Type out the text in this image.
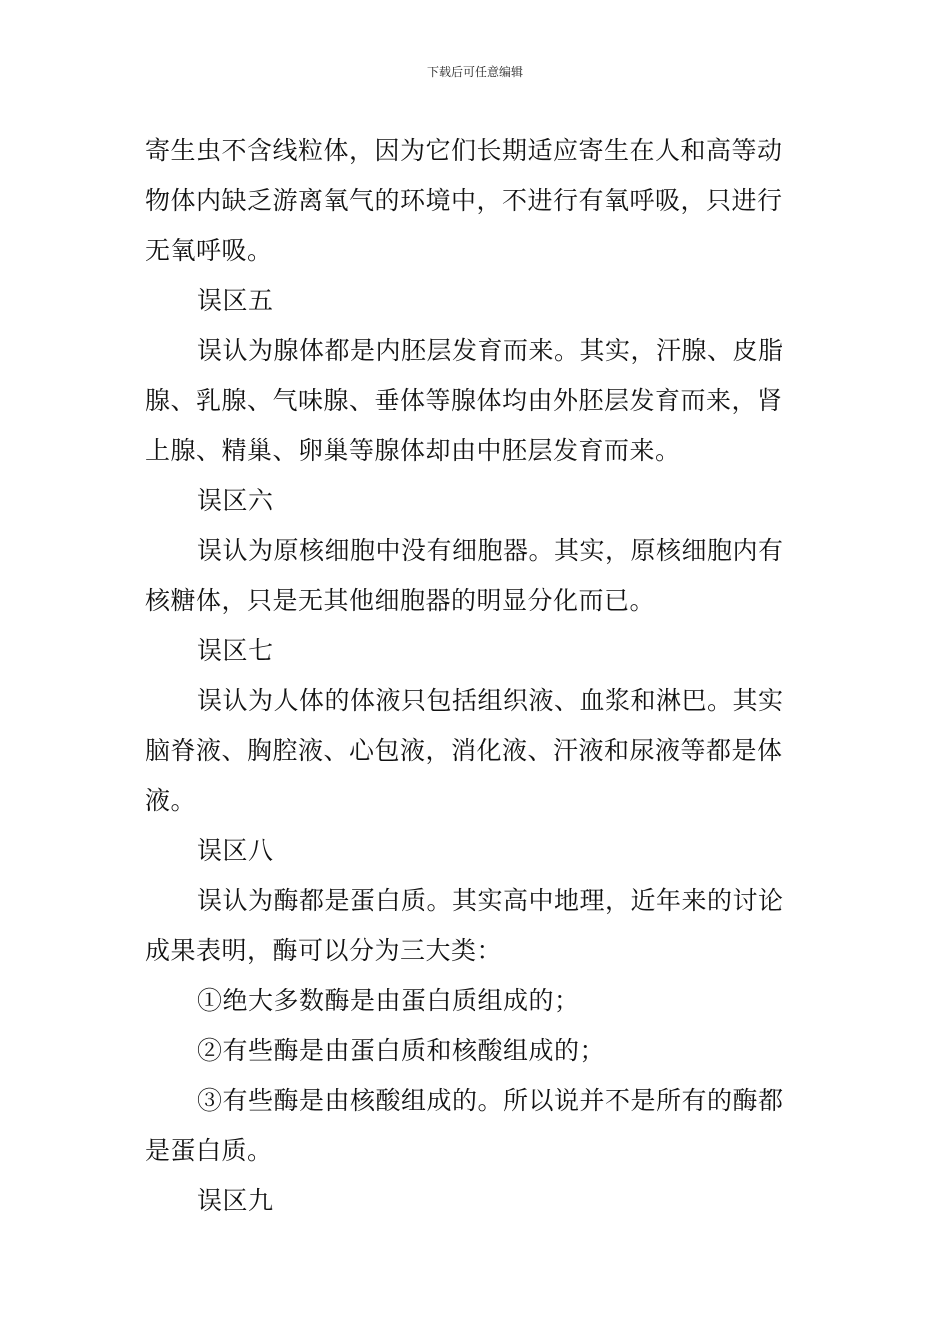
下载后可任意编辑
寄生虫不含线粒体，因为它们长期适应寄生在人和高等动
物体内缺乏游离氧气的环境中，不进行有氧呼吸，只进行
无氧呼吸。
误区五
误认为腺体都是内胚层发育而来。其实，汗腺、皮脂
腺、乳腺、气味腺、垂体等腺体均由外胚层发育而来，肾
上腺、精巢、卵巢等腺体却由中胚层发育而来。
误区六
误认为原核细胞中没有细胞器。其实，原核细胞内有
核糖体，只是无其他细胞器的明显分化而已。
误区七
误认为人体的体液只包括组织液、血浆和淋巴。其实
脑脊液、胸腔液、心包液，消化液、汗液和尿液等都是体
液。
误区八
误认为酶都是蛋白质。其实高中地理，近年来的讨论
成果表明，酶可以分为三大类：
①绝大多数酶是由蛋白质组成的；
②有些酶是由蛋白质和核酸组成的；
③有些酶是由核酸组成的。所以说并不是所有的酶都
是蛋白质。
误区九
